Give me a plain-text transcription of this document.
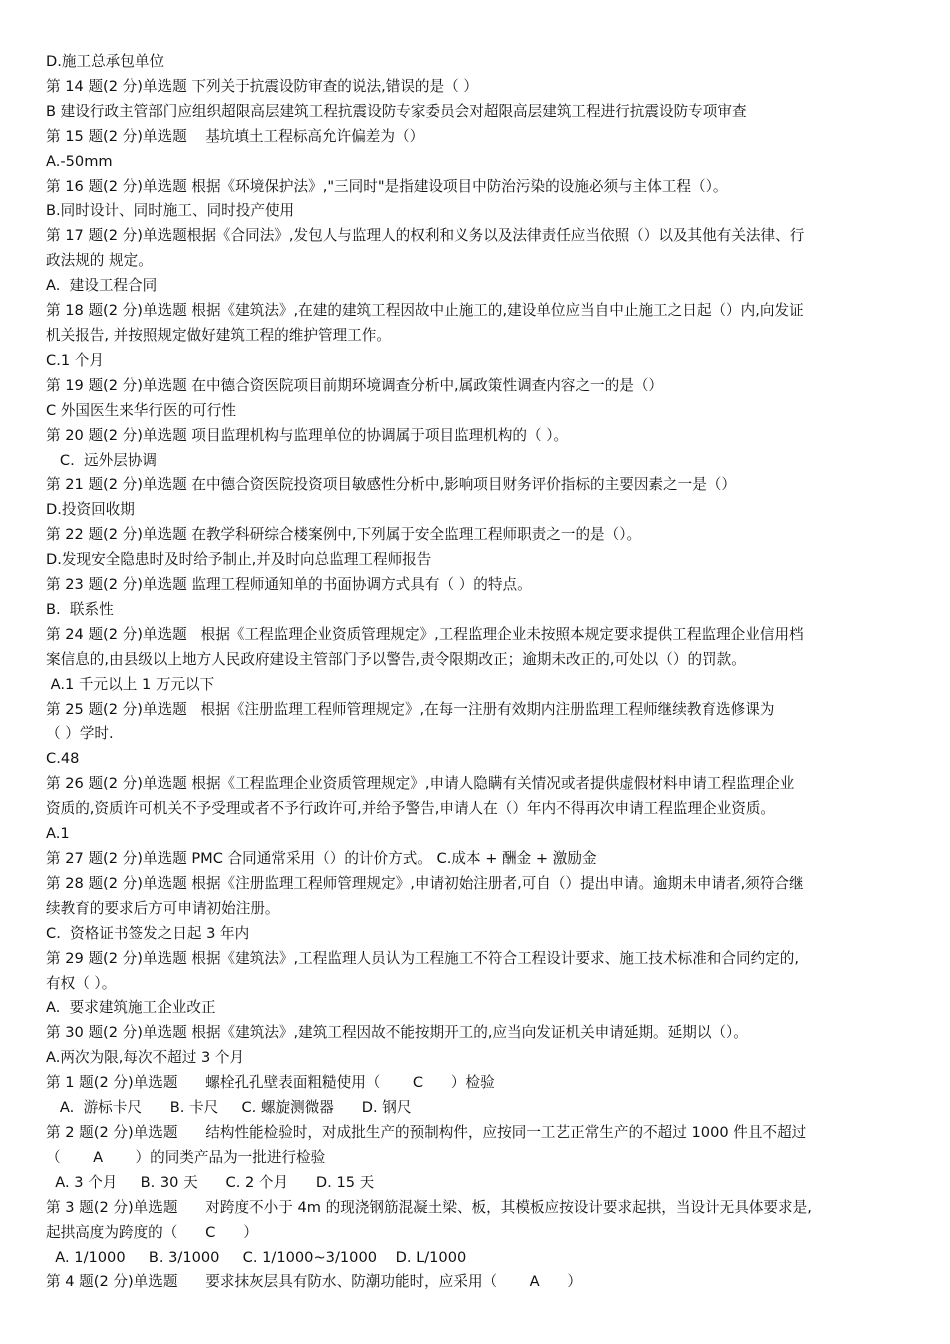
D.施工总承包单位
第 14 题(2 分)单选题 下列关于抗震设防审查的说法,错误的是（ ）
B 建设行政主管部门应组织超限高层建筑工程抗震设防专家委员会对超限高层建筑工程进行抗震设防专项审查
第 15 题(2 分)单选题    基坑填土工程标高允许偏差为（）
A.-50mm
第 16 题(2 分)单选题 根据《环境保护法》,"三同时"是指建设项目中防治污染的设施必须与主体工程（）。
B.同时设计、同时施工、同时投产使用
第 17 题(2 分)单选题根据《合同法》,发包人与监理人的权利和义务以及法律责任应当依照（）以及其他有关法律、行
政法规的 规定。
A.  建设工程合同
第 18 题(2 分)单选题 根据《建筑法》,在建的建筑工程因故中止施工的,建设单位应当自中止施工之日起（）内,向发证
机关报告, 并按照规定做好建筑工程的维护管理工作。
C.1 个月
第 19 题(2 分)单选题 在中德合资医院项目前期环境调查分析中,属政策性调查内容之一的是（）
C 外国医生来华行医的可行性
第 20 题(2 分)单选题 项目监理机构与监理单位的协调属于项目监理机构的（ ）。
C.  远外层协调
第 21 题(2 分)单选题 在中德合资医院投资项目敏感性分析中,影响项目财务评价指标的主要因素之一是（）
D.投资回收期
第 22 题(2 分)单选题 在教学科研综合楼案例中,下列属于安全监理工程师职责之一的是（）。
D.发现安全隐患时及时给予制止,并及时向总监理工程师报告
第 23 题(2 分)单选题 监理工程师通知单的书面协调方式具有（ ）的特点。
B.  联系性
第 24 题(2 分)单选题   根据《工程监理企业资质管理规定》,工程监理企业未按照本规定要求提供工程监理企业信用档
案信息的,由县级以上地方人民政府建设主管部门予以警告,责令限期改正；逾期未改正的,可处以（）的罚款。
A.1 千元以上 1 万元以下
第 25 题(2 分)单选题   根据《注册监理工程师管理规定》,在每一注册有效期内注册监理工程师继续教育选修课为
（ ）学时.
C.48
第 26 题(2 分)单选题 根据《工程监理企业资质管理规定》,申请人隐瞒有关情况或者提供虚假材料申请工程监理企业
资质的,资质许可机关不予受理或者不予行政许可,并给予警告,申请人在（）年内不得再次申请工程监理企业资质。
A.1
第 27 题(2 分)单选题 PMC 合同通常采用（）的计价方式。 C.成本 + 酬金 + 激励金
第 28 题(2 分)单选题 根据《注册监理工程师管理规定》,申请初始注册者,可自（）提出申请。逾期未申请者,须符合继
续教育的要求后方可申请初始注册。
C.  资格证书签发之日起 3 年内
第 29 题(2 分)单选题 根据《建筑法》,工程监理人员认为工程施工不符合工程设计要求、施工技术标准和合同约定的,
有权（ ）。
A.  要求建筑施工企业改正
第 30 题(2 分)单选题 根据《建筑法》,建筑工程因故不能按期开工的,应当向发证机关申请延期。延期以（）。
A.两次为限,每次不超过 3 个月
第 1 题(2 分)单选题      螺栓孔孔壁表面粗糙使用（       C      ）检验
A.  游标卡尺      B. 卡尺     C. 螺旋测微器      D. 钢尺
第 2 题(2 分)单选题      结构性能检验时，对成批生产的预制构件，应按同一工艺正常生产的不超过 1000 件且不超过
（       A       ）的同类产品为一批进行检验
A. 3 个月     B. 30 天      C. 2 个月      D. 15 天
第 3 题(2 分)单选题      对跨度不小于 4m 的现浇钢筋混凝土梁、板，其模板应按设计要求起拱，当设计无具体要求是,
起拱高度为跨度的（      C      ）
A. 1/1000     B. 3/1000     C. 1/1000~3/1000    D. L/1000
第 4 题(2 分)单选题      要求抹灰层具有防水、防潮功能时，应采用（       A      ）
